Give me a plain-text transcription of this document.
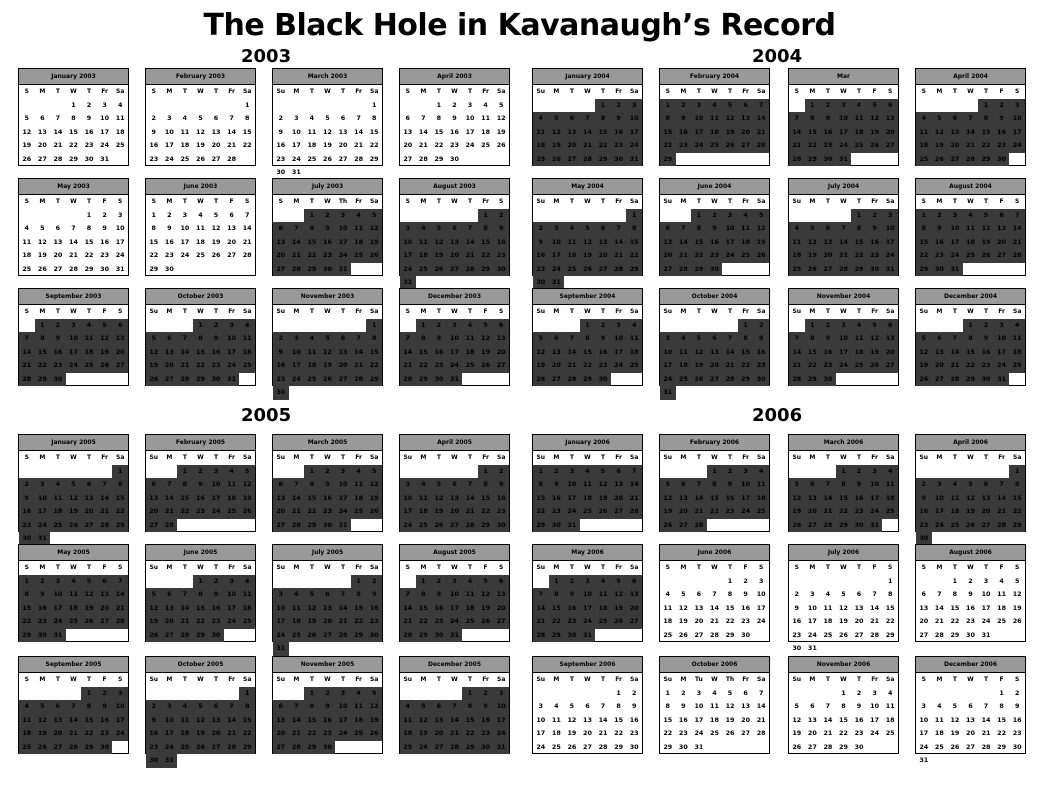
The Black Hole in Kavanaugh’s Record
2003	2004
2005	2006
January 2003
S	M	T	W	T	Fr	Sa
			1	2	3	4
5	6	7	8	9	10	11
12	13	14	15	16	17	18
19	20	21	22	23	24	25
26	27	28	29	30	31	
February 2003
S	M	T	W	T	Fr	Sa
						1
2	3	4	5	6	7	8
9	10	11	12	13	14	15
16	17	18	19	20	21	22
23	24	25	26	27	28	
March 2003
Su	M	T	W	T	Fr	Sa
						1
2	3	4	5	6	7	8
9	10	11	12	13	14	15
16	17	18	19	20	21	22
23	24	25	26	27	28	29
30	31					
April 2003
S	M	T	W	T	Fr	Sa
		1	2	3	4	5
6	7	8	9	10	11	12
13	14	15	16	17	18	19
20	21	22	23	24	25	26
27	28	29	30			
January 2004
Su	M	T	W	T	Fr	Sa
				1	2	3
4	5	6	7	8	9	10
11	12	13	14	15	16	17
18	19	20	21	22	23	24
25	26	27	28	29	30	31
February 2004
S	M	T	W	T	Fr	Sa
1	2	3	4	5	6	7
8	9	10	11	12	13	14
15	16	17	18	19	20	21
22	23	24	25	26	27	28
29						
Mar
S	M	T	W	T	F	S
	1	2	3	4	5	6
7	8	9	10	11	12	13
14	15	16	17	18	19	20
21	22	23	24	25	26	27
28	29	30	31			
April 2004
S	M	T	W	T	F	S
				1	2	3
4	5	6	7	8	9	10
11	12	13	14	15	16	17
18	19	20	21	22	23	24
25	26	27	28	29	30	
May 2003
S	M	T	W	T	F	S
				1	2	3
4	5	6	7	8	9	10
11	12	13	14	15	16	17
18	19	20	21	22	23	24
25	26	27	28	29	30	31
June 2003
S	M	T	W	T	F	S
1	2	3	4	5	6	7
8	9	10	11	12	13	14
15	16	17	18	19	20	21
22	23	24	25	26	27	28
29	30					
July 2003
S	M	T	W	Th	Fr	Sa
		1	2	3	4	5
6	7	8	9	10	11	12
13	14	15	16	17	18	19
20	21	22	23	24	25	26
27	28	29	30	31		
August 2003
S	M	T	W	T	Fr	S
					1	2
3	4	5	6	7	8	9
10	11	12	13	14	15	16
17	18	19	20	21	22	23
24	25	26	27	28	29	30
31						
May 2004
Su	M	T	W	T	Fr	Sa
						1
2	3	4	5	6	7	8
9	10	11	12	13	14	15
16	17	18	19	20	21	22
23	24	25	26	27	28	29
30	31					
June 2004
Su	M	T	W	T	Fr	Sa
		1	2	3	4	5
6	7	8	9	10	11	12
13	14	15	16	17	18	19
20	21	22	23	24	25	26
27	28	29	30			
July 2004
Su	M	T	W	T	Fr	Sa
				1	2	3
4	5	6	7	8	9	10
11	12	13	14	15	16	17
18	19	20	21	22	23	24
25	26	27	28	29	30	31
August 2004
S	M	T	W	T	F	S
1	2	3	4	5	6	7
8	9	10	11	12	13	14
15	16	17	18	19	20	21
22	23	24	25	26	27	28
29	30	31				
September 2003
S	M	T	W	T	F	S
	1	2	3	4	5	6
7	8	9	10	11	12	13
14	15	16	17	18	19	20
21	22	23	24	25	26	27
28	29	30				
October 2003
Su	M	T	W	T	Fr	Sa
			1	2	3	4
5	6	7	8	9	10	11
12	13	14	15	16	17	18
19	20	21	22	23	24	25
26	27	28	29	30	31	
November 2003
Su	M	T	W	T	Fr	Sa
						1
2	3	4	5	6	7	8
9	10	11	12	13	14	15
16	17	18	19	20	21	22
23	24	25	26	27	28	29
30						
December 2003
S	M	T	W	T	F	S
	1	2	3	4	5	6
7	8	9	10	11	12	13
14	15	16	17	18	19	20
21	22	23	24	25	26	27
28	29	30	31			
September 2004
Su	M	T	W	T	Fr	Sa
			1	2	3	4
5	6	7	8	9	10	11
12	13	14	15	16	17	18
19	20	21	22	23	24	25
26	27	28	29	30		
October 2004
Su	M	T	W	T	Fr	Sa
					1	2
3	4	5	6	7	8	9
10	11	12	13	14	15	16
17	18	19	20	21	22	23
24	25	26	27	28	29	30
31						
November 2004
Su	M	T	W	T	Fr	Sa
	1	2	3	4	5	6
7	8	9	10	11	12	13
14	15	16	17	18	19	20
21	22	23	24	25	26	27
28	29	30				
December 2004
Su	M	T	W	T	Fr	Sa
			1	2	3	4
5	6	7	8	9	10	11
12	13	14	15	16	17	18
19	20	21	22	23	24	25
26	27	28	29	30	31	
January 2005
S	M	T	W	T	Fr	Sa
						1
2	3	4	5	6	7	8
9	10	11	12	13	14	15
16	17	18	19	20	21	22
23	24	25	26	27	28	29
30	31					
February 2005
Su	M	T	W	T	Fr	Sa
		1	2	3	4	5
6	7	8	9	10	11	12
13	14	15	16	17	18	19
20	21	22	23	24	25	26
27	28					
March 2005
Su	M	T	W	T	Fr	Sa
		1	2	3	4	5
6	7	8	9	10	11	12
13	14	15	16	17	18	19
20	21	22	23	24	25	26
27	28	29	30	31		
April 2005
Su	M	T	W	T	Fr	Sa
					1	2
3	4	5	6	7	8	9
10	11	12	13	14	15	16
17	18	19	20	21	22	23
24	25	26	27	28	29	30
January 2006
Su	M	T	W	T	Fr	Sa
1	2	3	4	5	6	7
8	9	10	11	12	13	14
15	16	17	18	19	20	21
22	23	24	25	26	27	28
29	30	31				
February 2006
Su	M	T	W	T	Fr	Sa
			1	2	3	4
5	6	7	8	9	10	11
12	13	14	15	16	17	18
19	20	21	22	23	24	25
26	27	28				
March 2006
Su	M	T	W	T	Fr	Sa
			1	2	3	4
5	6	7	8	9	10	11
12	13	14	15	16	17	18
19	20	21	22	23	24	25
26	27	28	29	30	31	
April 2006
Su	M	T	W	T	Fr	Sa
						1
2	3	4	5	6	7	8
9	10	11	12	13	14	15
16	17	18	19	20	21	22
23	24	25	26	27	28	29
30						
May 2005
S	M	T	W	T	F	S
1	2	3	4	5	6	7
8	9	10	11	12	13	14
15	16	17	18	19	20	21
22	23	24	25	26	27	28
29	30	31				
June 2005
Su	M	T	W	T	Fr	Sa
			1	2	3	4
5	6	7	8	9	10	11
12	13	14	15	16	17	18
19	20	21	22	23	24	25
26	27	28	29	30		
July 2005
Su	M	T	W	T	Fr	Sa
					1	2
3	4	5	6	7	8	9
10	11	12	13	14	15	16
17	18	19	20	21	22	23
24	25	26	27	28	29	30
31						
August 2005
S	M	T	W	T	F	S
	1	2	3	4	5	6
7	8	9	10	11	12	13
14	15	16	17	18	19	20
21	22	23	24	25	26	27
28	29	30	31			
May 2006
Su	M	T	W	T	Fr	Sa
	1	2	3	4	5	6
7	8	9	10	11	12	13
14	15	16	17	18	19	20
21	22	23	24	25	26	27
28	29	30	31			
June 2006
S	M	T	W	T	F	S
				1	2	3
4	5	6	7	8	9	10
11	12	13	14	15	16	17
18	19	20	21	22	23	24
25	26	27	28	29	30	
July 2006
S	M	T	W	T	F	S
						1
2	3	4	5	6	7	8
9	10	11	12	13	14	15
16	17	18	19	20	21	22
23	24	25	26	27	28	29
30	31					
August 2006
S	M	T	W	T	F	S
		1	2	3	4	5
6	7	8	9	10	11	12
13	14	15	16	17	18	19
20	21	22	23	24	25	26
27	28	29	30	31		
September 2005
S	M	T	W	T	F	S
				1	2	3
4	5	6	7	8	9	10
11	12	13	14	15	16	17
18	19	20	21	22	23	24
25	26	27	28	29	30	
October 2005
Su	M	T	W	T	Fr	Sa
						1
2	3	4	5	6	7	8
9	10	11	12	13	14	15
16	17	18	19	20	21	22
23	24	25	26	27	28	29
30	31					
November 2005
Su	M	T	W	T	Fr	Sa
		1	2	3	4	5
6	7	8	9	10	11	12
13	14	15	16	17	18	19
20	21	22	23	24	25	26
27	28	29	30			
December 2005
Su	M	T	W	T	Fr	Sa
				1	2	3
4	5	6	7	8	9	10
11	12	13	14	15	16	17
18	19	20	21	22	23	24
25	26	27	28	29	30	31
September 2006
Su	M	T	W	T	Fr	Sa
					1	2
3	4	5	6	7	8	9
10	11	12	13	14	15	16
17	18	19	20	21	22	23
24	25	26	27	28	29	30
October 2006
Su	M	Tu	W	Th	Fr	Sa
1	2	3	4	5	6	7
8	9	10	11	12	13	14
15	16	17	18	19	20	21
22	23	24	25	26	27	28
29	30	31				
November 2006
Su	M	T	W	T	Fr	Sa
			1	2	3	4
5	6	7	8	9	10	11
12	13	14	15	16	17	18
19	20	21	22	23	24	25
26	27	28	29	30		
December 2006
S	M	T	W	T	F	S
					1	2
3	4	5	6	7	8	9
10	11	12	13	14	15	16
17	18	19	20	21	22	23
24	25	26	27	28	29	30
31						
